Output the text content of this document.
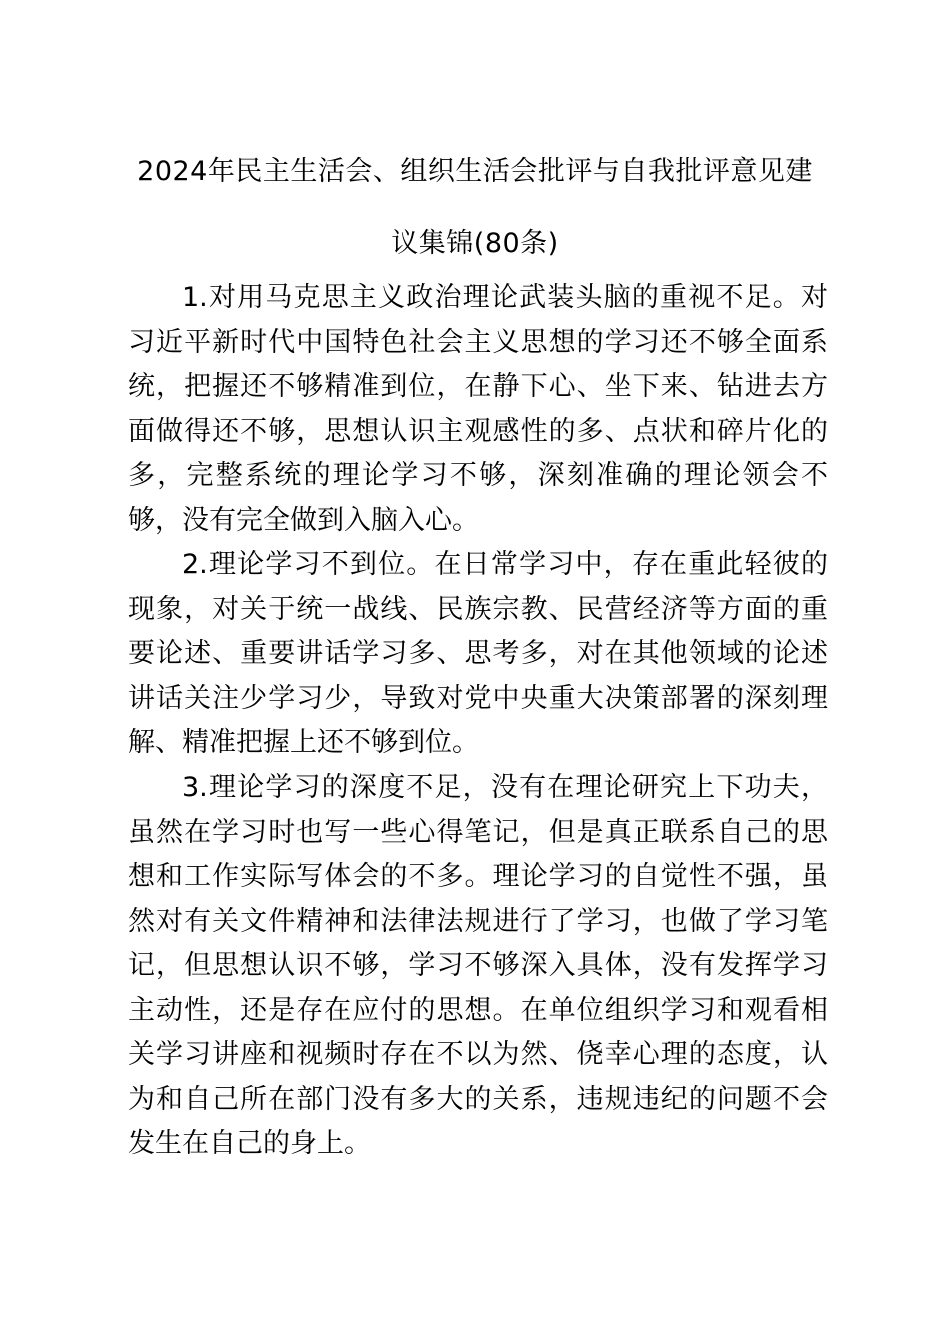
2024年民主生活会、组织生活会批评与自我批评意见建
议集锦(80条)

1.对用马克思主义政治理论武装头脑的重视不足。对习近平新时代中国特色社会主义思想的学习还不够全面系统，把握还不够精准到位，在静下心、坐下来、钻进去方面做得还不够，思想认识主观感性的多、点状和碎片化的多，完整系统的理论学习不够，深刻准确的理论领会不够，没有完全做到入脑入心。

2.理论学习不到位。在日常学习中，存在重此轻彼的现象，对关于统一战线、民族宗教、民营经济等方面的重要论述、重要讲话学习多、思考多，对在其他领域的论述讲话关注少学习少，导致对党中央重大决策部署的深刻理解、精准把握上还不够到位。

3.理论学习的深度不足，没有在理论研究上下功夫，虽然在学习时也写一些心得笔记，但是真正联系自己的思想和工作实际写体会的不多。理论学习的自觉性不强，虽然对有关文件精神和法律法规进行了学习，也做了学习笔记，但思想认识不够，学习不够深入具体，没有发挥学习主动性，还是存在应付的思想。在单位组织学习和观看相关学习讲座和视频时存在不以为然、侥幸心理的态度，认为和自己所在部门没有多大的关系，违规违纪的问题不会发生在自己的身上。
